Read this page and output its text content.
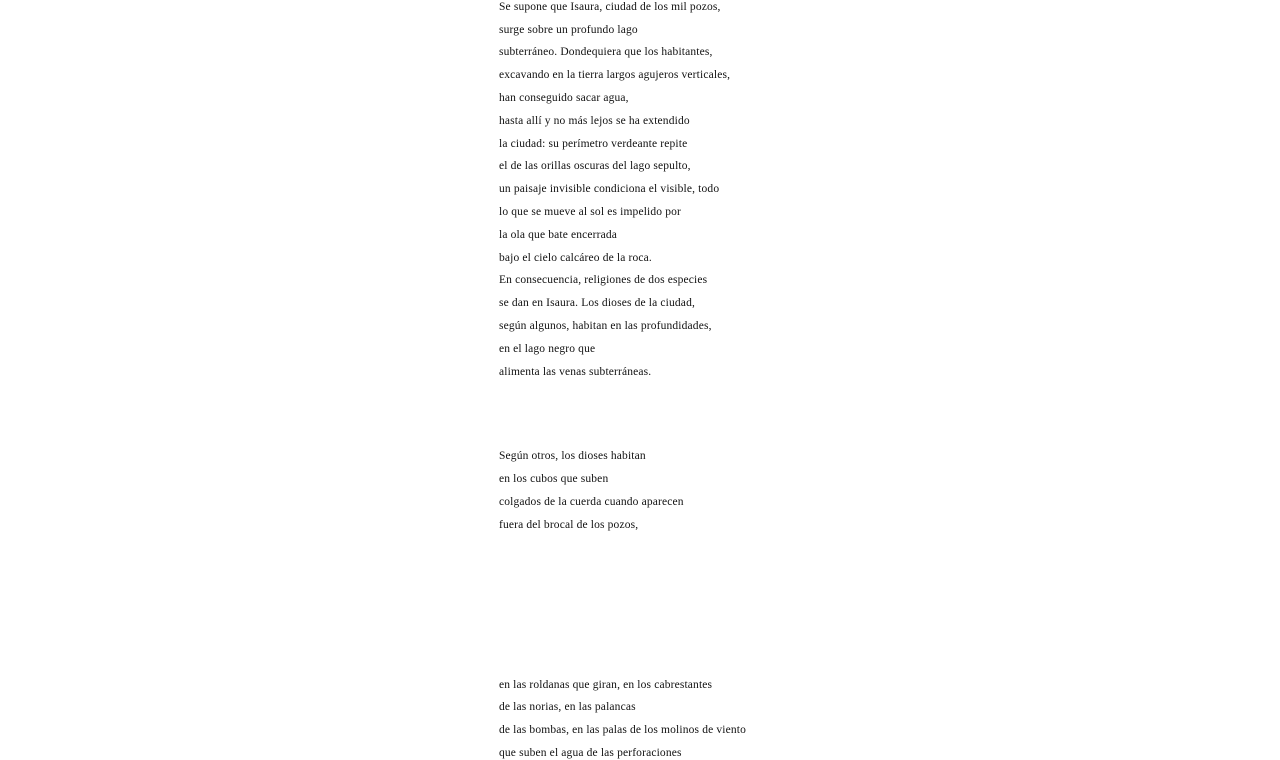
Se supone que Isaura, ciudad de los mil pozos,
surge sobre un profundo lago
subterráneo. Dondequiera que los habitantes,
excavando en la tierra largos agujeros verticales,
han conseguido sacar agua,
hasta allí y no más lejos se ha extendido
la ciudad: su perímetro verdeante repite
el de las orillas oscuras del lago sepulto,
un paisaje invisible condiciona el visible, todo
lo que se mueve al sol es impelido por
la ola que bate encerrada
bajo el cielo calcáreo de la roca.
En consecuencia, religiones de dos especies
se dan en Isaura. Los dioses de la ciudad,
según algunos, habitan en las profundidades,
en el lago negro que
alimenta las venas subterráneas.
Según otros, los dioses habitan
en los cubos que suben
colgados de la cuerda cuando aparecen
fuera del brocal de los pozos,
en las roldanas que giran, en los cabrestantes
de las norias, en las palancas
de las bombas, en las palas de los molinos de viento
que suben el agua de las perforaciones
